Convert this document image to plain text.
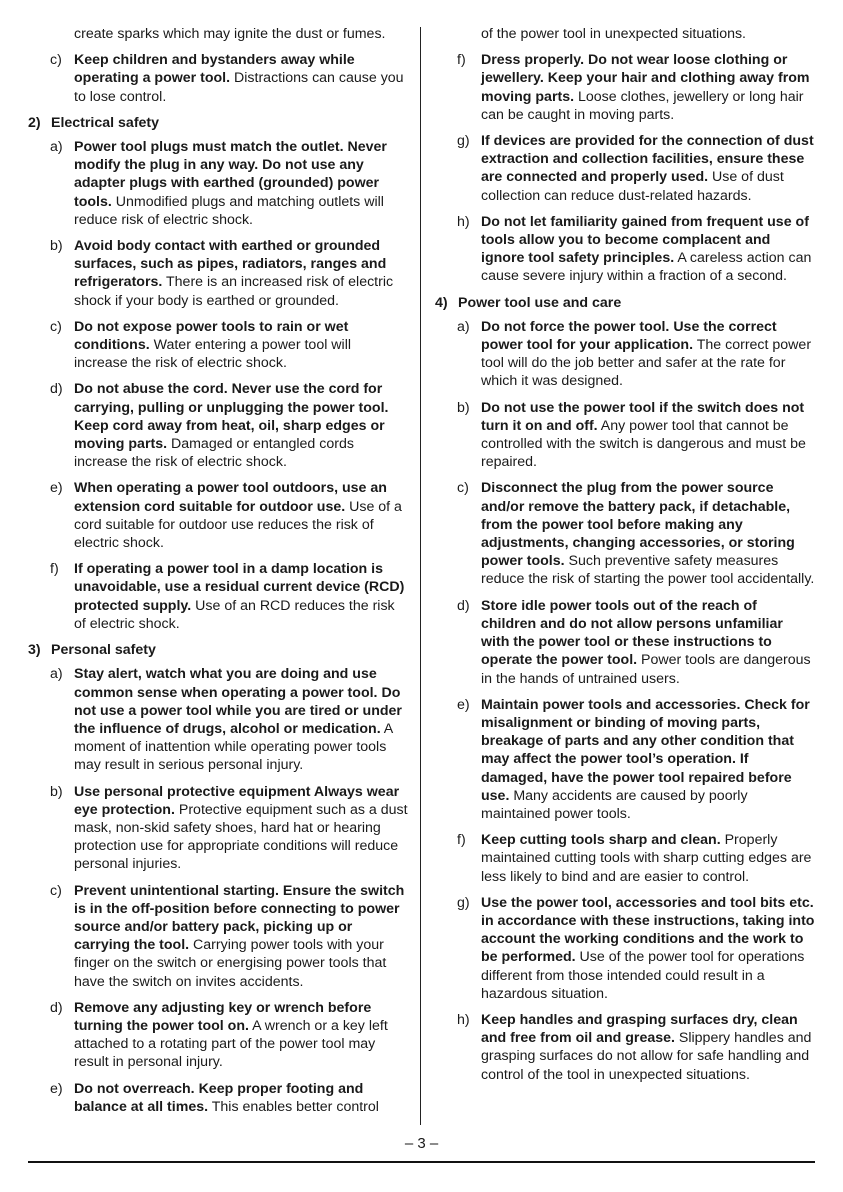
create sparks which may ignite the dust or fumes.

c) Keep children and bystanders away while operating a power tool. Distractions can cause you to lose control.

2) Electrical safety

a) Power tool plugs must match the outlet. Never modify the plug in any way. Do not use any adapter plugs with earthed (grounded) power tools. Unmodified plugs and matching outlets will reduce risk of electric shock.

b) Avoid body contact with earthed or grounded surfaces, such as pipes, radiators, ranges and refrigerators. There is an increased risk of electric shock if your body is earthed or grounded.

c) Do not expose power tools to rain or wet conditions. Water entering a power tool will increase the risk of electric shock.

d) Do not abuse the cord. Never use the cord for carrying, pulling or unplugging the power tool. Keep cord away from heat, oil, sharp edges or moving parts. Damaged or entangled cords increase the risk of electric shock.

e) When operating a power tool outdoors, use an extension cord suitable for outdoor use. Use of a cord suitable for outdoor use reduces the risk of electric shock.

f) If operating a power tool in a damp location is unavoidable, use a residual current device (RCD) protected supply. Use of an RCD reduces the risk of electric shock.

3) Personal safety

a) Stay alert, watch what you are doing and use common sense when operating a power tool. Do not use a power tool while you are tired or under the influence of drugs, alcohol or medication. A moment of inattention while operating power tools may result in serious personal injury.

b) Use personal protective equipment Always wear eye protection. Protective equipment such as a dust mask, non-skid safety shoes, hard hat or hearing protection use for appropriate conditions will reduce personal injuries.

c) Prevent unintentional starting. Ensure the switch is in the off-position before connecting to power source and/or battery pack, picking up or carrying the tool. Carrying power tools with your finger on the switch or energising power tools that have the switch on invites accidents.

d) Remove any adjusting key or wrench before turning the power tool on. A wrench or a key left attached to a rotating part of the power tool may result in personal injury.

e) Do not overreach. Keep proper footing and balance at all times. This enables better control

of the power tool in unexpected situations.

f) Dress properly. Do not wear loose clothing or jewellery. Keep your hair and clothing away from moving parts. Loose clothes, jewellery or long hair can be caught in moving parts.

g) If devices are provided for the connection of dust extraction and collection facilities, ensure these are connected and properly used. Use of dust collection can reduce dust-related hazards.

h) Do not let familiarity gained from frequent use of tools allow you to become complacent and ignore tool safety principles. A careless action can cause severe injury within a fraction of a second.

4) Power tool use and care

a) Do not force the power tool. Use the correct power tool for your application. The correct power tool will do the job better and safer at the rate for which it was designed.

b) Do not use the power tool if the switch does not turn it on and off. Any power tool that cannot be controlled with the switch is dangerous and must be repaired.

c) Disconnect the plug from the power source and/or remove the battery pack, if detachable, from the power tool before making any adjustments, changing accessories, or storing power tools. Such preventive safety measures reduce the risk of starting the power tool accidentally.

d) Store idle power tools out of the reach of children and do not allow persons unfamiliar with the power tool or these instructions to operate the power tool. Power tools are dangerous in the hands of untrained users.

e) Maintain power tools and accessories. Check for misalignment or binding of moving parts, breakage of parts and any other condition that may affect the power tool’s operation. If damaged, have the power tool repaired before use. Many accidents are caused by poorly maintained power tools.

f) Keep cutting tools sharp and clean. Properly maintained cutting tools with sharp cutting edges are less likely to bind and are easier to control.

g) Use the power tool, accessories and tool bits etc. in accordance with these instructions, taking into account the working conditions and the work to be performed. Use of the power tool for operations different from those intended could result in a hazardous situation.

h) Keep handles and grasping surfaces dry, clean and free from oil and grease. Slippery handles and grasping surfaces do not allow for safe handling and control of the tool in unexpected situations.

– 3 –
